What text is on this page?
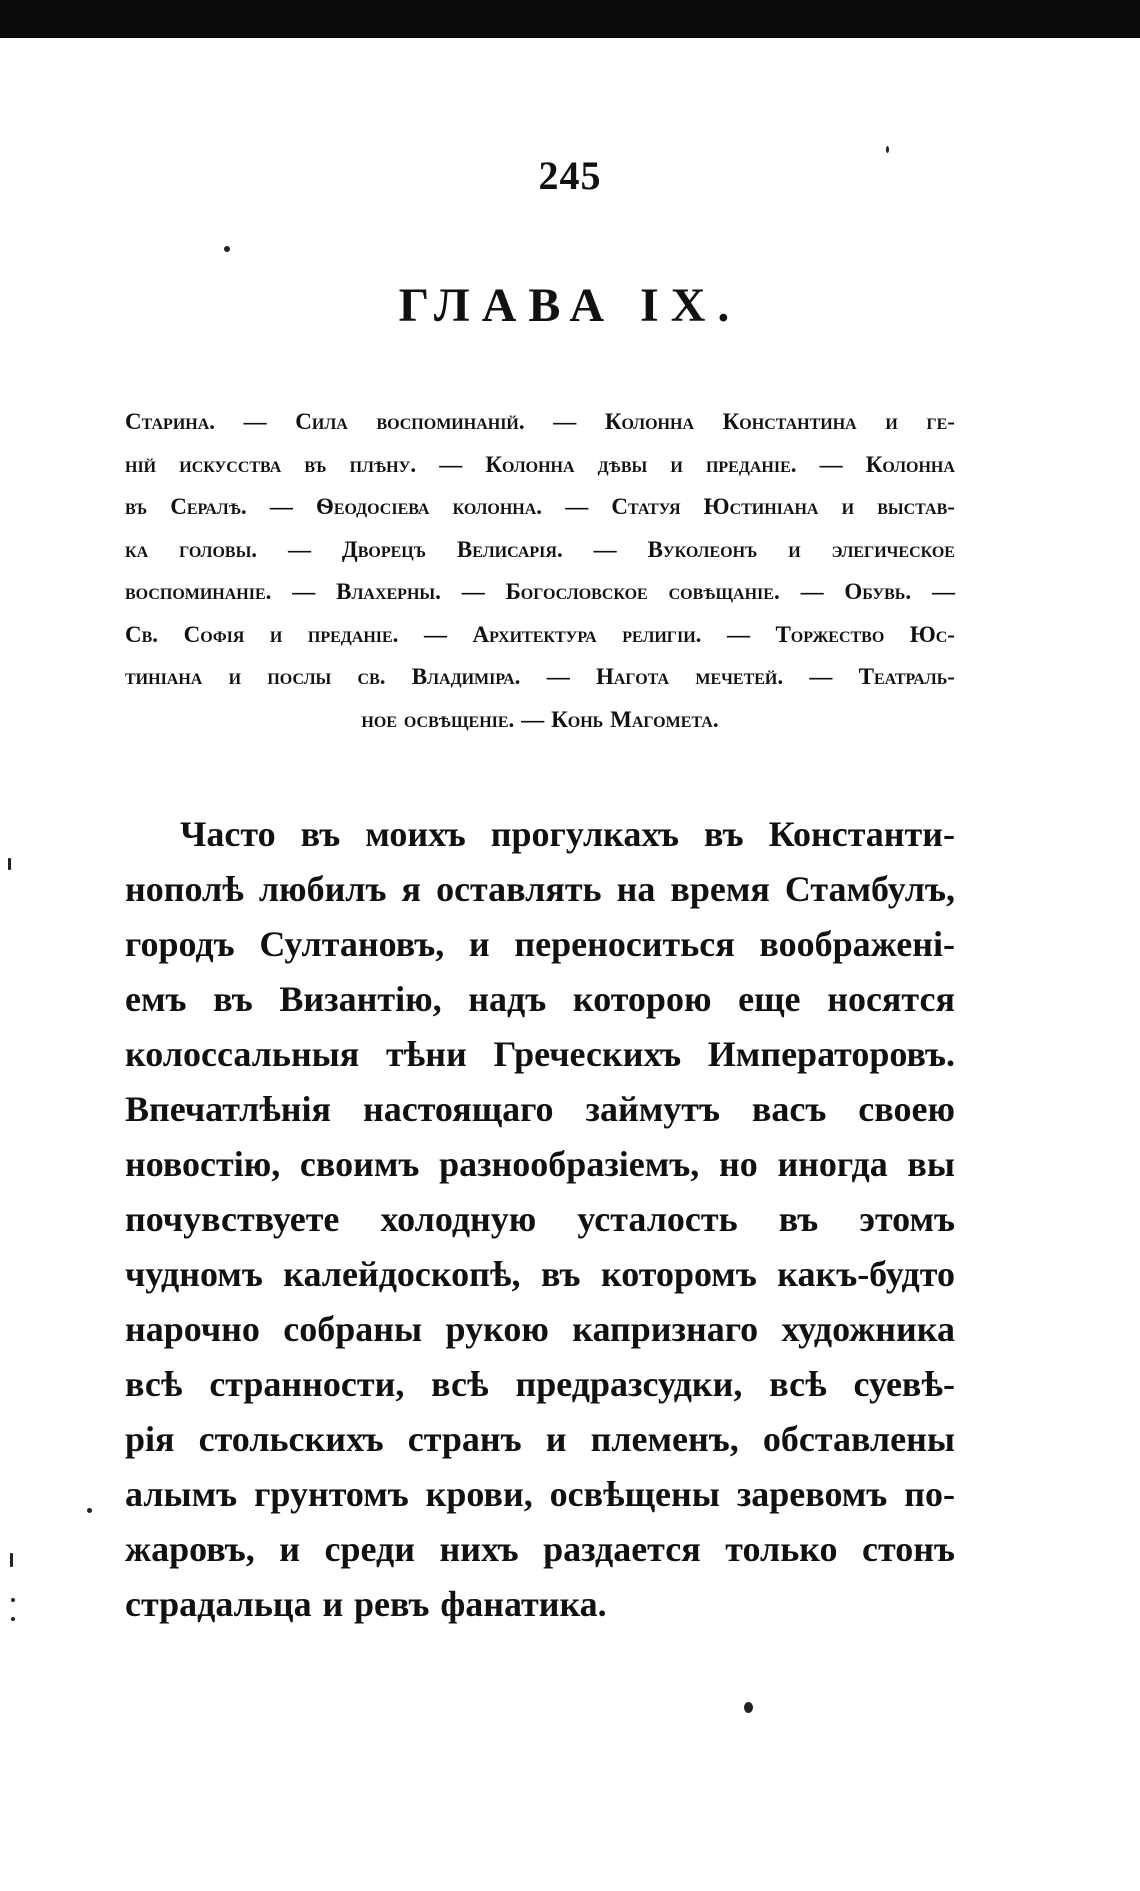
245
ГЛАВА IX.
Старина. — Сила воспоминаній. — Колонна Константина и ге-
ній искусства въ плѣну. — Колонна дѣвы и преданіе. — Колонна
въ Сералѣ. — Ѳеодосіева колонна. — Статуя Юстиніана и выстав-
ка головы. — Дворецъ Велисарія. — Вуколеонъ и элегическое
воспоминаніе. — Влахерны. — Богословское совѣщаніе. — Обувь. —
Св. Софія и преданіе. — Архитектура религіи. — Торжество Юс-
тиніана и послы св. Владиміра. — Нагота мечетей. — Театраль-
ное освѣщеніе. — Конь Магомета.
Часто въ моихъ прогулкахъ въ Константи-
нополѣ любилъ я оставлять на время Стамбулъ,
городъ Султановъ, и переноситься воображені-
емъ въ Византію, надъ которою еще носятся
колоссальныя тѣни Греческихъ Императоровъ.
Впечатлѣнія настоящаго займутъ васъ своею
новостію, своимъ разнообразіемъ, но иногда вы
почувствуете холодную усталость въ этомъ
чудномъ калейдоскопѣ, въ которомъ какъ-будто
нарочно собраны рукою капризнаго художника
всѣ странности, всѣ предразсудки, всѣ суевѣ-
рія стольскихъ странъ и племенъ, обставлены
алымъ грунтомъ крови, освѣщены заревомъ по-
жаровъ, и среди нихъ раздается только стонъ
страдальца и ревъ фанатика.
